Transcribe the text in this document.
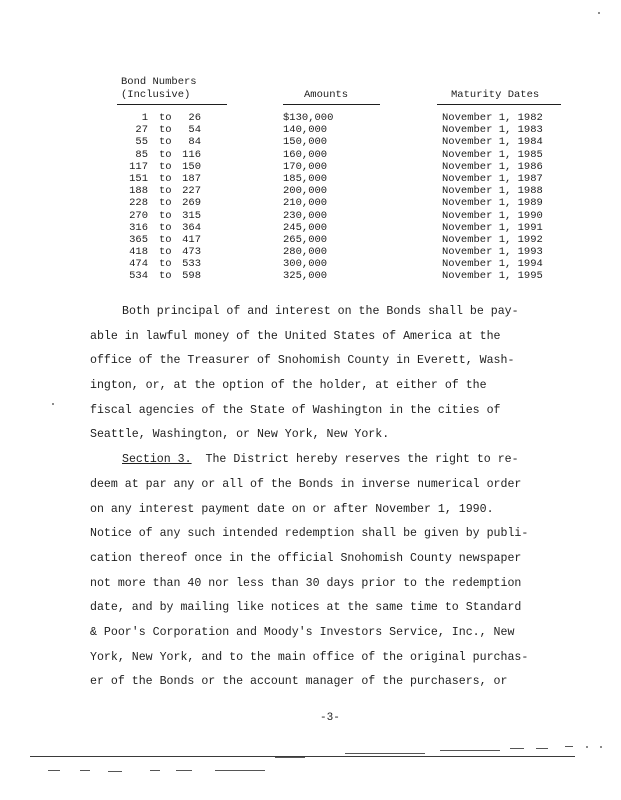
Bond Numbers
(Inclusive)	Amounts	Maturity Dates
1 to 26	$130,000	November 1, 1982
27 to 54	140,000	November 1, 1983
55 to 84	150,000	November 1, 1984
85 to 116	160,000	November 1, 1985
117 to 150	170,000	November 1, 1986
151 to 187	185,000	November 1, 1987
188 to 227	200,000	November 1, 1988
228 to 269	210,000	November 1, 1989
270 to 315	230,000	November 1, 1990
316 to 364	245,000	November 1, 1991
365 to 417	265,000	November 1, 1992
418 to 473	280,000	November 1, 1993
474 to 533	300,000	November 1, 1994
534 to 598	325,000	November 1, 1995
Both principal of and interest on the Bonds shall be pay-
able in lawful money of the United States of America at the
office of the Treasurer of Snohomish County in Everett, Wash-
ington, or, at the option of the holder, at either of the
fiscal agencies of the State of Washington in the cities of
Seattle, Washington, or New York, New York.
Section 3. The District hereby reserves the right to re-
deem at par any or all of the Bonds in inverse numerical order
on any interest payment date on or after November 1, 1990.
Notice of any such intended redemption shall be given by publi-
cation thereof once in the official Snohomish County newspaper
not more than 40 nor less than 30 days prior to the redemption
date, and by mailing like notices at the same time to Standard
& Poor's Corporation and Moody's Investors Service, Inc., New
York, New York, and to the main office of the original purchas-
er of the Bonds or the account manager of the purchasers, or
-3-
